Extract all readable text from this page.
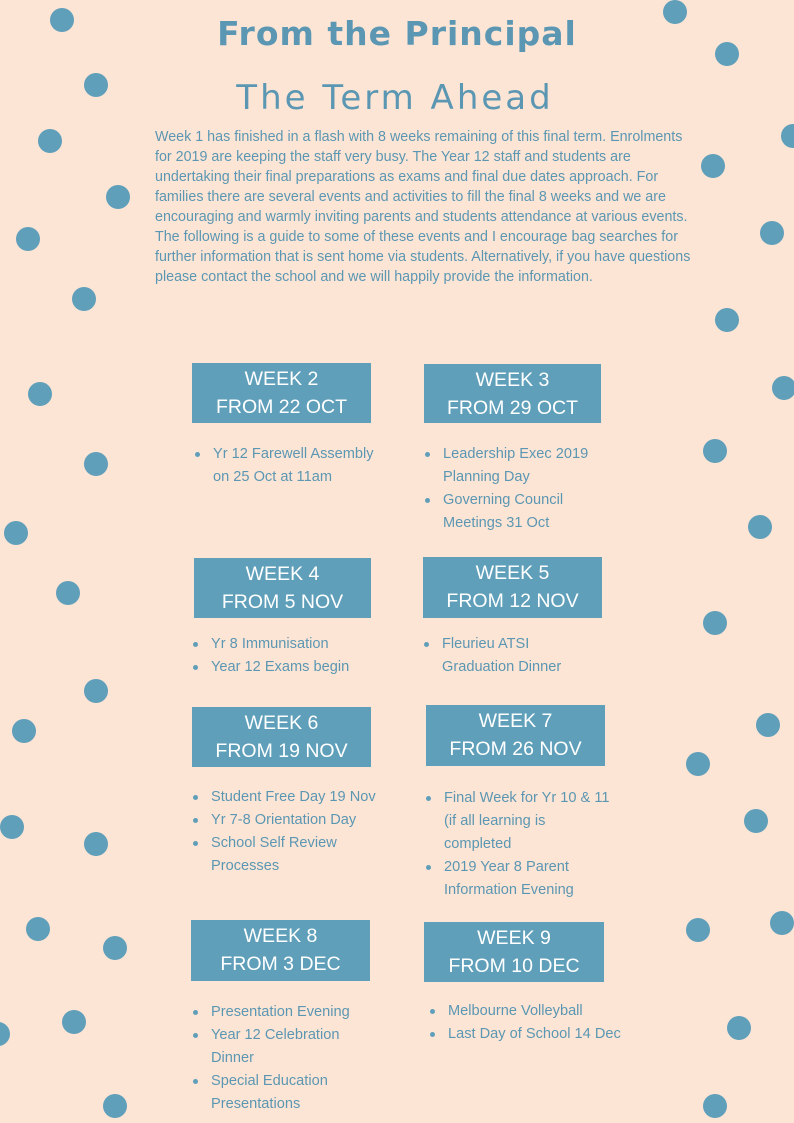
From the Principal
The Term Ahead

Week 1 has finished in a flash with 8 weeks remaining of this final term. Enrolments for 2019 are keeping the staff very busy. The Year 12 staff and students are undertaking their final preparations as exams and final due dates approach. For families there are several events and activities to fill the final 8 weeks and we are encouraging and warmly inviting parents and students attendance at various events.

The following is a guide to some of these events and I encourage bag searches for further information that is sent home via students. Alternatively, if you have questions please contact the school and we will happily provide the information.

WEEK 2
FROM 22 OCT
Yr 12 Farewell Assembly on 25 Oct at 11am
WEEK 3
FROM 29 OCT
Leadership Exec 2019 Planning Day
Governing Council Meetings 31 Oct
WEEK 4
FROM 5 NOV
Yr 8 Immunisation
Year 12 Exams begin
WEEK 5
FROM 12 NOV
Fleurieu ATSI Graduation Dinner
WEEK 6
FROM 19 NOV
Student Free Day 19 Nov
Yr 7-8 Orientation Day
School Self Review Processes
WEEK 7
FROM 26 NOV
Final Week for Yr 10 & 11 (if all learning is completed
2019 Year 8 Parent Information Evening
WEEK 8
FROM 3 DEC
Presentation Evening
Year 12 Celebration Dinner
Special Education Presentations
WEEK 9
FROM 10 DEC
Melbourne Volleyball
Last Day of School 14 Dec
